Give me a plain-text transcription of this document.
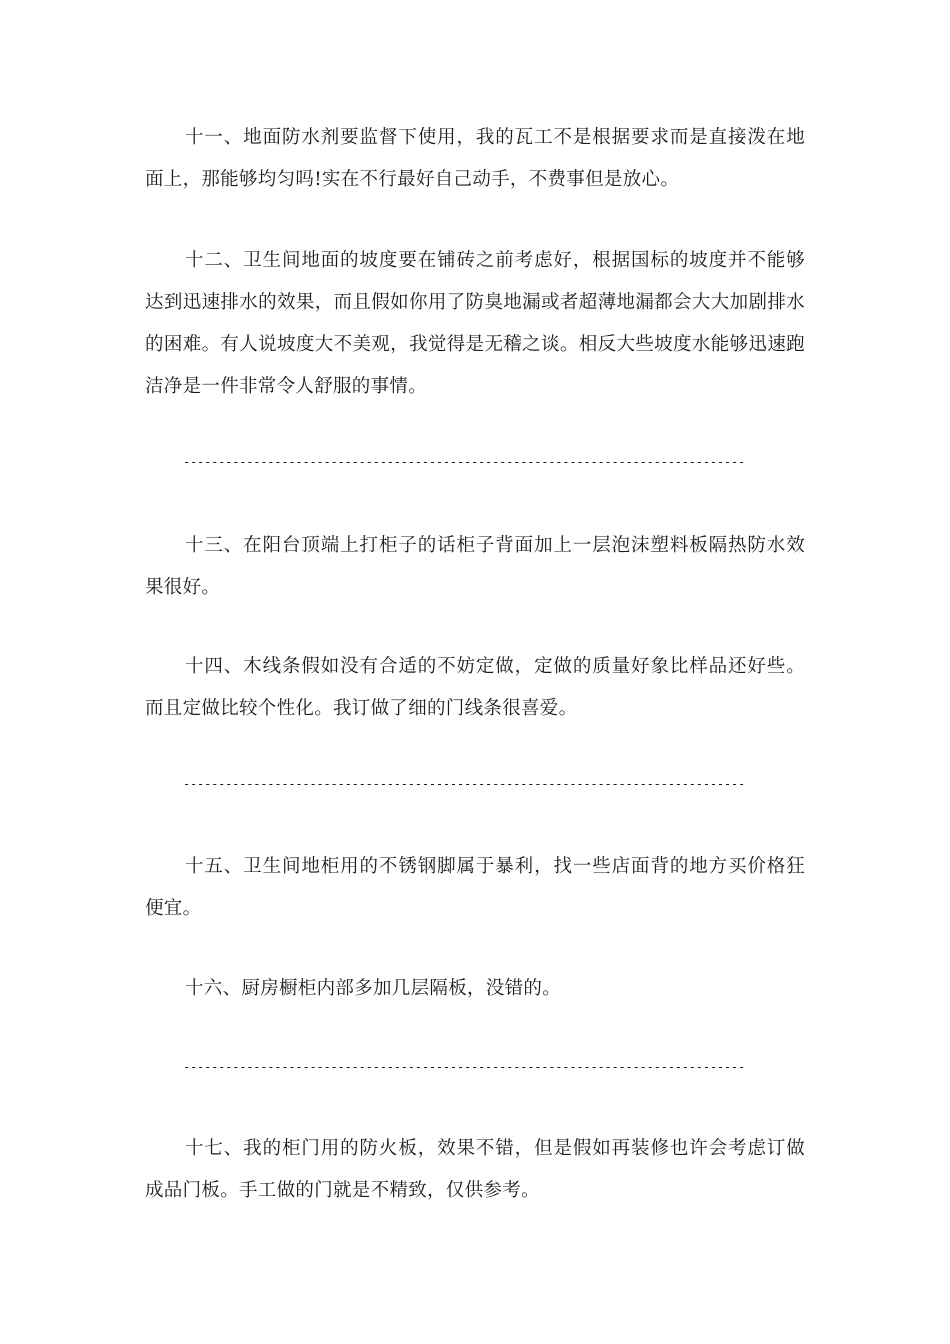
十一、地面防水剂要监督下使用，我的瓦工不是根据要求而是直接泼在地面上，那能够均匀吗!实在不行最好自己动手，不费事但是放心。

十二、卫生间地面的坡度要在铺砖之前考虑好，根据国标的坡度并不能够达到迅速排水的效果，而且假如你用了防臭地漏或者超薄地漏都会大大加剧排水的困难。有人说坡度大不美观，我觉得是无稽之谈。相反大些坡度水能够迅速跑洁净是一件非常令人舒服的事情。

--------------------------------------------------------------------------------

十三、在阳台顶端上打柜子的话柜子背面加上一层泡沫塑料板隔热防水效果很好。

十四、木线条假如没有合适的不妨定做，定做的质量好象比样品还好些。而且定做比较个性化。我订做了细的门线条很喜爱。

--------------------------------------------------------------------------------

十五、卫生间地柜用的不锈钢脚属于暴利，找一些店面背的地方买价格狂便宜。

十六、厨房橱柜内部多加几层隔板，没错的。

--------------------------------------------------------------------------------

十七、我的柜门用的防火板，效果不错，但是假如再装修也许会考虑订做成品门板。手工做的门就是不精致，仅供参考。
